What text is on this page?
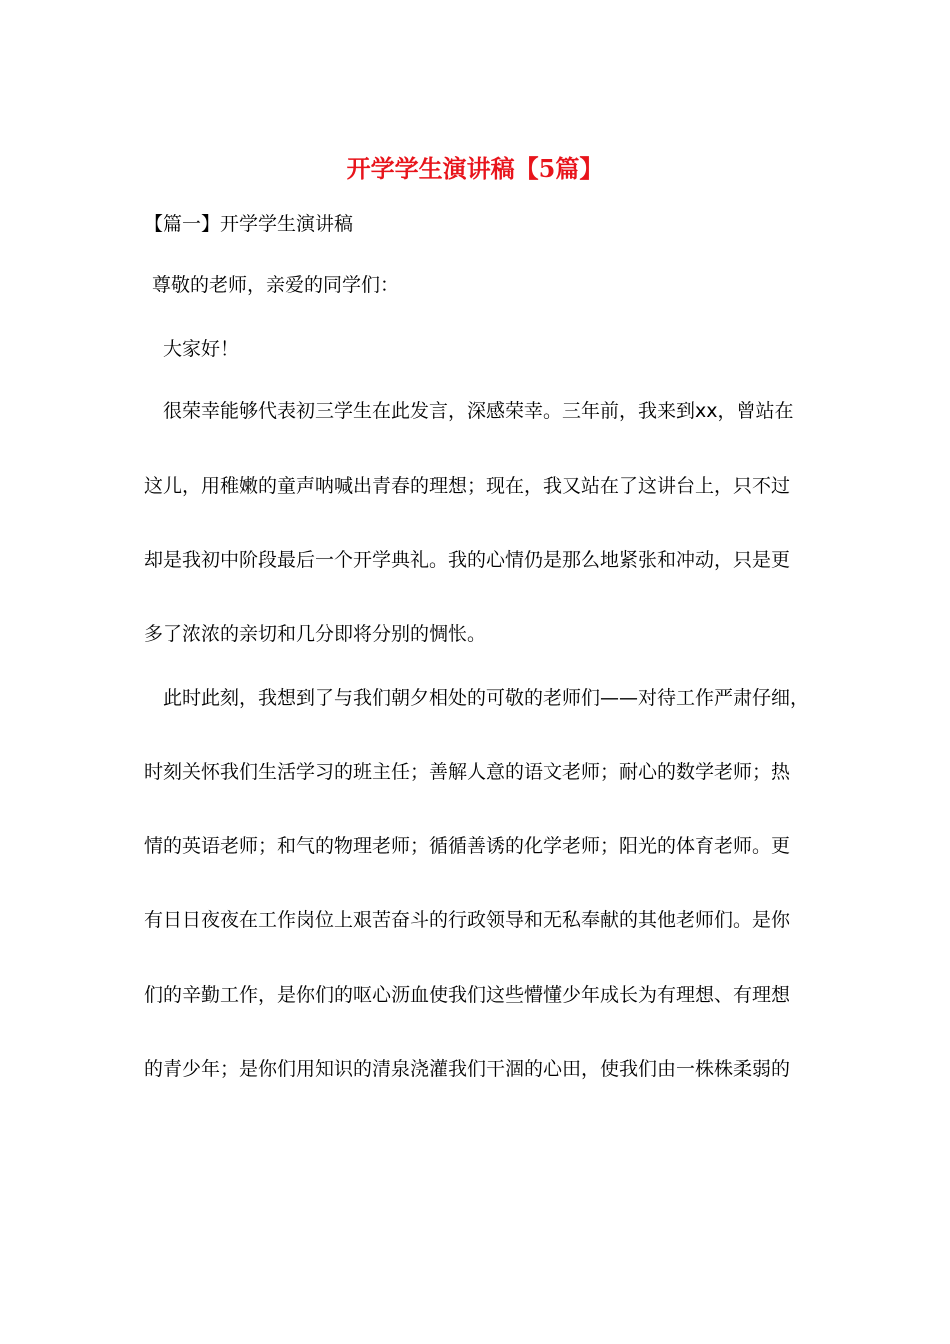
开学学生演讲稿【5篇】

【篇一】开学学生演讲稿

尊敬的老师，亲爱的同学们：

大家好！

很荣幸能够代表初三学生在此发言，深感荣幸。三年前，我来到xx，曾站在

这儿，用稚嫩的童声呐喊出青春的理想；现在，我又站在了这讲台上，只不过

却是我初中阶段最后一个开学典礼。我的心情仍是那么地紧张和冲动，只是更

多了浓浓的亲切和几分即将分别的惆怅。

此时此刻，我想到了与我们朝夕相处的可敬的老师们——对待工作严肃仔细，

时刻关怀我们生活学习的班主任；善解人意的语文老师；耐心的数学老师；热

情的英语老师；和气的物理老师；循循善诱的化学老师；阳光的体育老师。更

有日日夜夜在工作岗位上艰苦奋斗的行政领导和无私奉献的其他老师们。是你

们的辛勤工作，是你们的呕心沥血使我们这些懵懂少年成长为有理想、有理想

的青少年；是你们用知识的清泉浇灌我们干涸的心田，使我们由一株株柔弱的
